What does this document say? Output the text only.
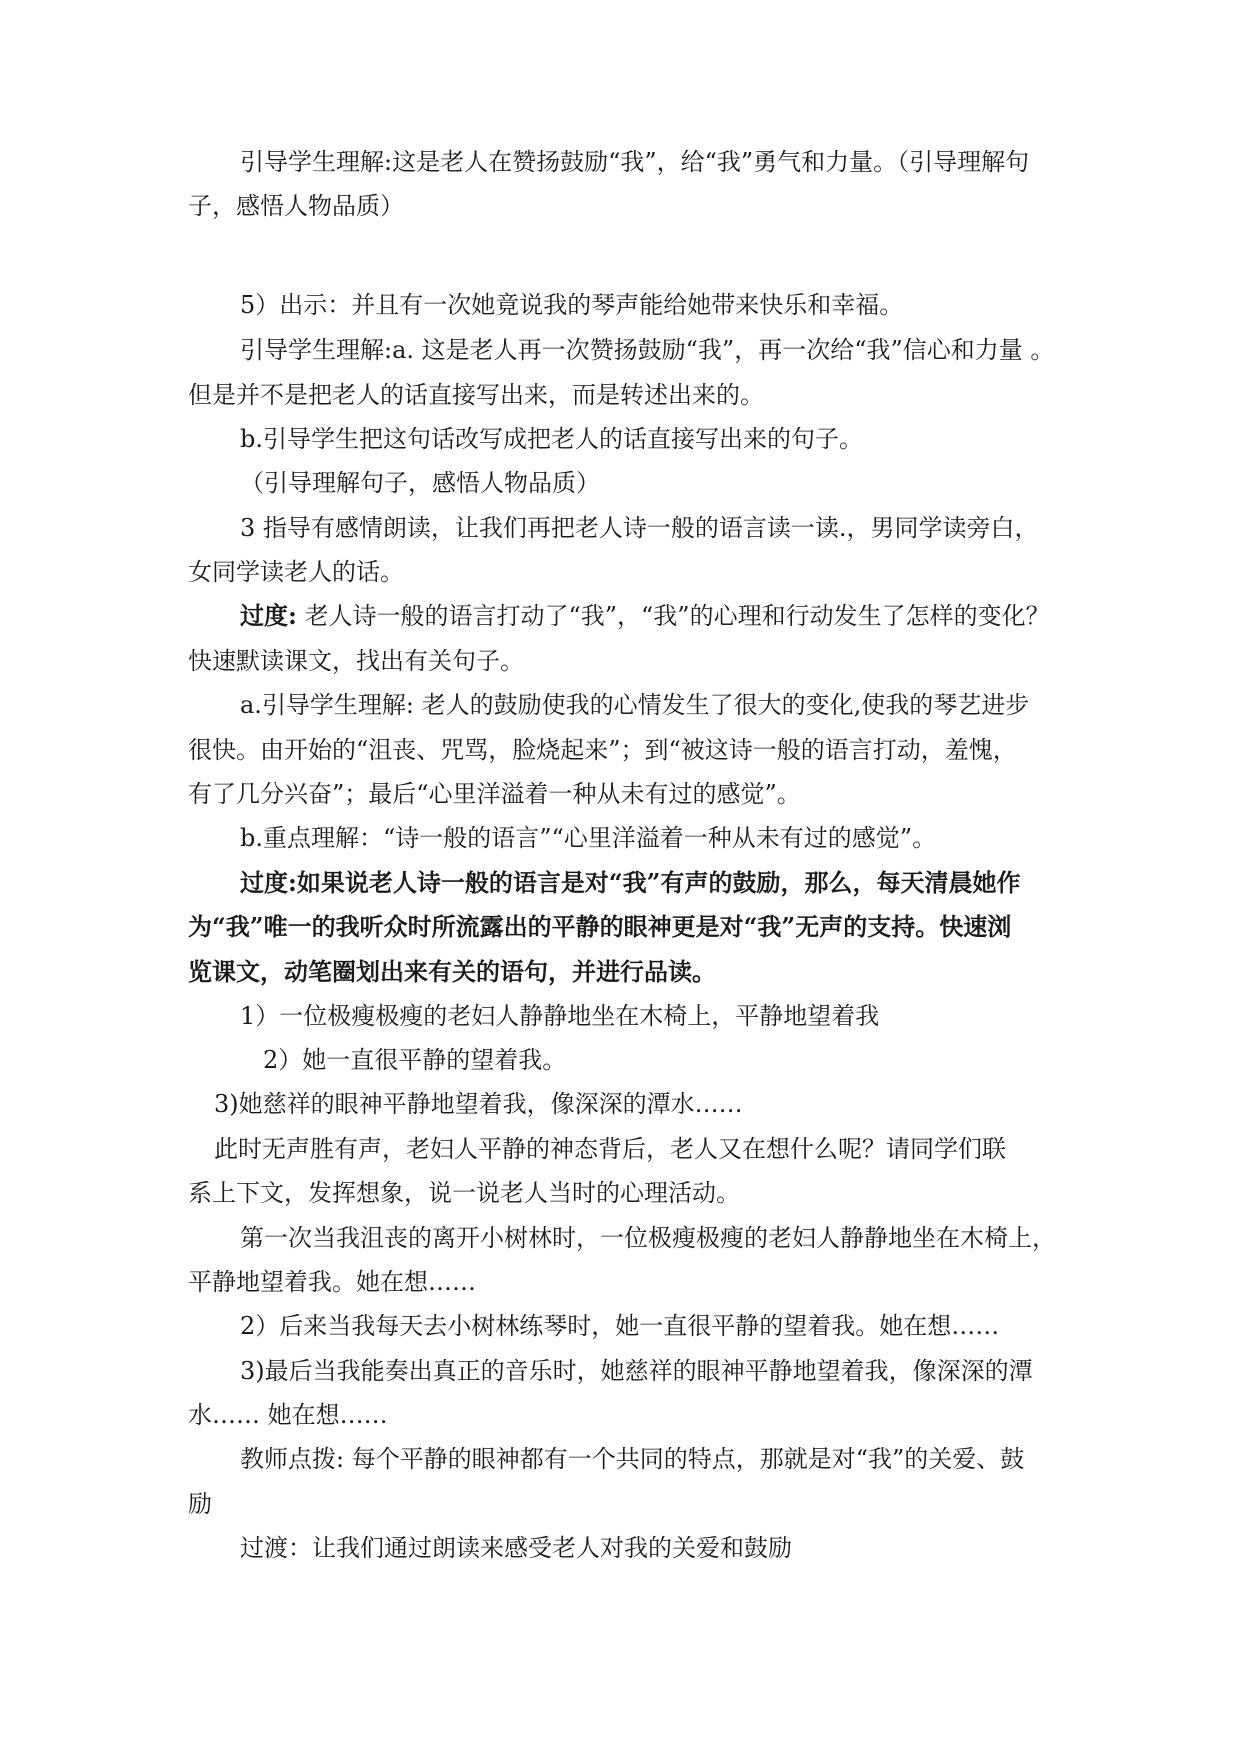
引导学生理解:这是老人在赞扬鼓励“我”，给“我”勇气和力量。（引导理解句
子，感悟人物品质）
5）出示：并且有一次她竟说我的琴声能给她带来快乐和幸福。
引导学生理解:a. 这是老人再一次赞扬鼓励“我”，再一次给“我”信心和力量 。
但是并不是把老人的话直接写出来，而是转述出来的。
b.引导学生把这句话改写成把老人的话直接写出来的句子。
（引导理解句子，感悟人物品质）
3 指导有感情朗读，让我们再把老人诗一般的语言读一读.，男同学读旁白，
女同学读老人的话。
过度: 老人诗一般的语言打动了“我”，“我”的心理和行动发生了怎样的变化？
快速默读课文，找出有关句子。
a.引导学生理解: 老人的鼓励使我的心情发生了很大的变化,使我的琴艺进步
很快。由开始的“沮丧、咒骂，脸烧起来”；到“被这诗一般的语言打动，羞愧，
有了几分兴奋”；最后“心里洋溢着一种从未有过的感觉”。
b.重点理解：“诗一般的语言”“心里洋溢着一种从未有过的感觉”。
过度:如果说老人诗一般的语言是对“我”有声的鼓励，那么，每天清晨她作
为“我”唯一的我听众时所流露出的平静的眼神更是对“我”无声的支持。快速浏
览课文，动笔圈划出来有关的语句，并进行品读。
1）一位极瘦极瘦的老妇人静静地坐在木椅上，平静地望着我
2）她一直很平静的望着我。
3)她慈祥的眼神平静地望着我，像深深的潭水……
此时无声胜有声，老妇人平静的神态背后，老人又在想什么呢？请同学们联
系上下文，发挥想象，说一说老人当时的心理活动。
第一次当我沮丧的离开小树林时，一位极瘦极瘦的老妇人静静地坐在木椅上，
平静地望着我。她在想……
2）后来当我每天去小树林练琴时，她一直很平静的望着我。她在想……
3)最后当我能奏出真正的音乐时，她慈祥的眼神平静地望着我，像深深的潭
水…… 她在想……
教师点拨: 每个平静的眼神都有一个共同的特点，那就是对“我”的关爱、鼓
励
过渡：让我们通过朗读来感受老人对我的关爱和鼓励
